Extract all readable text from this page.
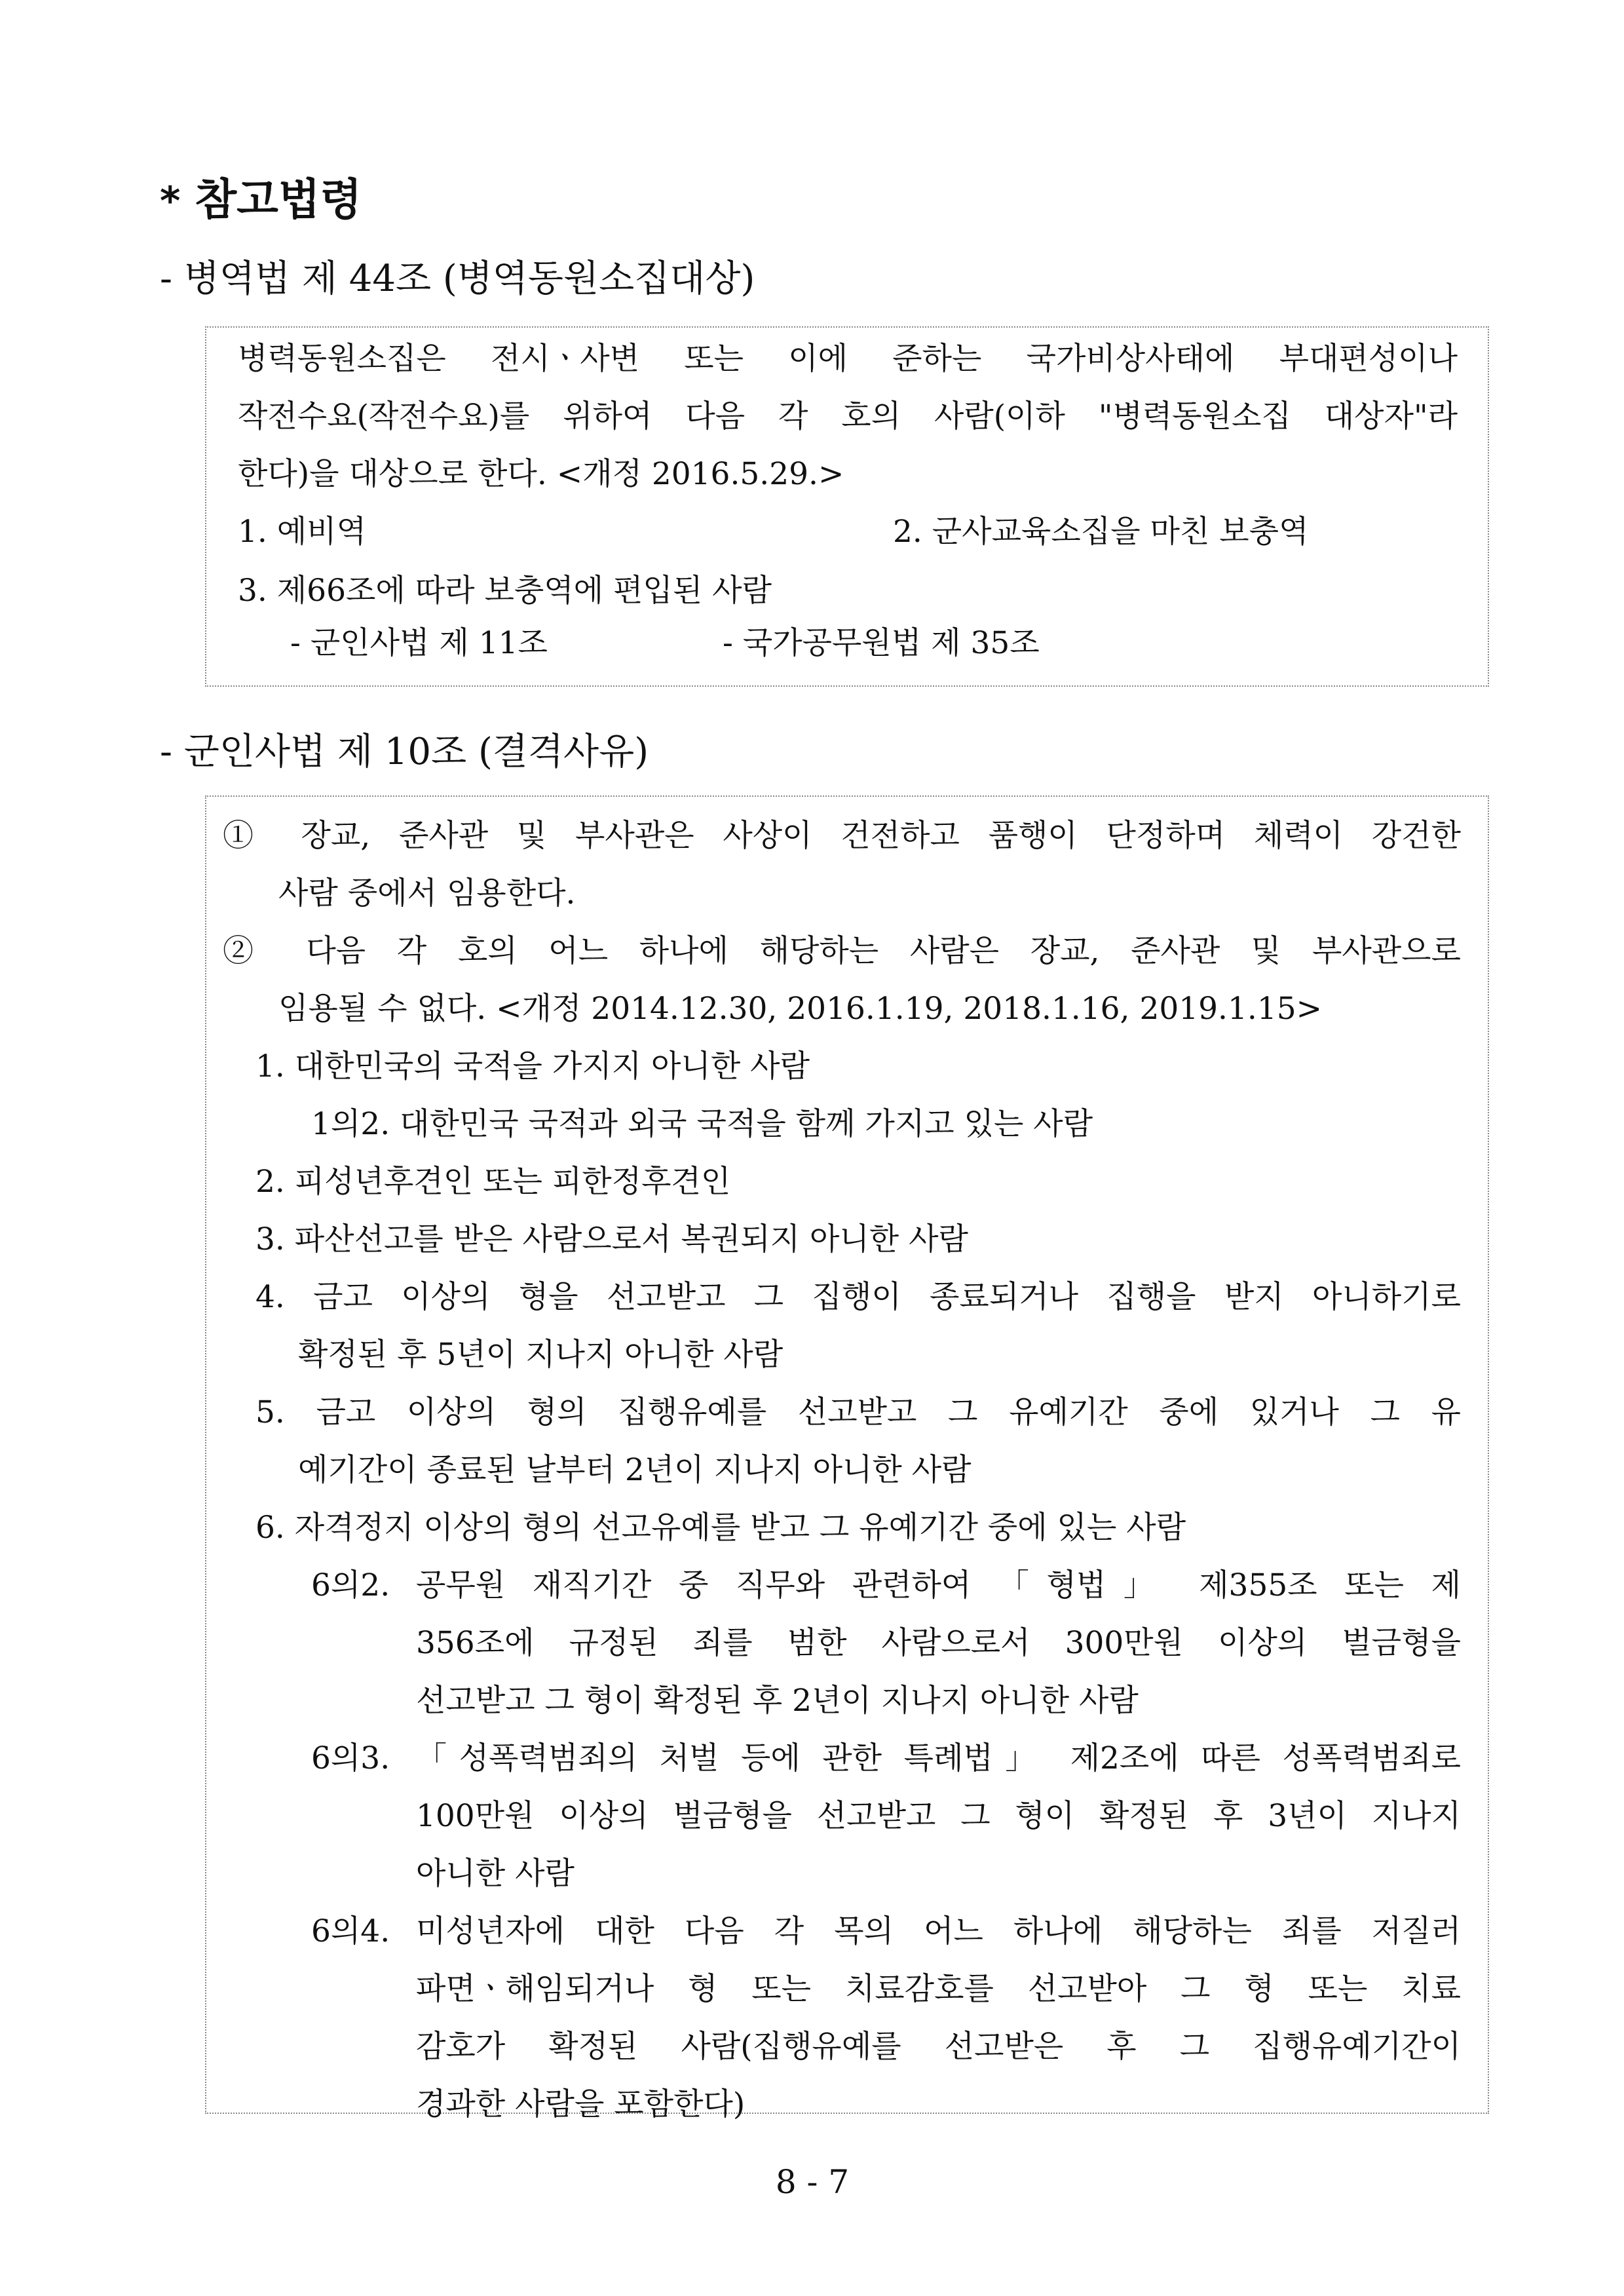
* 참고법령
- 병역법 제 44조 (병역동원소집대상)
병력동원소집은 전시ㆍ사변 또는 이에 준하는 국가비상사태에 부대편성이나
작전수요(작전수요)를 위하여 다음 각 호의 사람(이하 "병력동원소집 대상자"라
한다)을 대상으로 한다. <개정 2016.5.29.>
1. 예비역	2. 군사교육소집을 마친 보충역
3. 제66조에 따라 보충역에 편입된 사람
- 군인사법 제 11조	- 국가공무원법 제 35조
- 군인사법 제 10조 (결격사유)
① 장교, 준사관 및 부사관은 사상이 건전하고 품행이 단정하며 체력이 강건한
사람 중에서 임용한다.
② 다음 각 호의 어느 하나에 해당하는 사람은 장교, 준사관 및 부사관으로
임용될 수 없다. <개정 2014.12.30, 2016.1.19, 2018.1.16, 2019.1.15>
1. 대한민국의 국적을 가지지 아니한 사람
1의2. 대한민국 국적과 외국 국적을 함께 가지고 있는 사람
2. 피성년후견인 또는 피한정후견인
3. 파산선고를 받은 사람으로서 복권되지 아니한 사람
4. 금고 이상의 형을 선고받고 그 집행이 종료되거나 집행을 받지 아니하기로
확정된 후 5년이 지나지 아니한 사람
5. 금고 이상의 형의 집행유예를 선고받고 그 유예기간 중에 있거나 그 유
예기간이 종료된 날부터 2년이 지나지 아니한 사람
6. 자격정지 이상의 형의 선고유예를 받고 그 유예기간 중에 있는 사람
6의2. 공무원 재직기간 중 직무와 관련하여 「형법」 제355조 또는 제
356조에 규정된 죄를 범한 사람으로서 300만원 이상의 벌금형을
선고받고 그 형이 확정된 후 2년이 지나지 아니한 사람
6의3. 「성폭력범죄의 처벌 등에 관한 특례법」 제2조에 따른 성폭력범죄로
100만원 이상의 벌금형을 선고받고 그 형이 확정된 후 3년이 지나지
아니한 사람
6의4. 미성년자에 대한 다음 각 목의 어느 하나에 해당하는 죄를 저질러
파면ㆍ해임되거나 형 또는 치료감호를 선고받아 그 형 또는 치료
감호가 확정된 사람(집행유예를 선고받은 후 그 집행유예기간이
경과한 사람을 포함한다)
8 - 7
